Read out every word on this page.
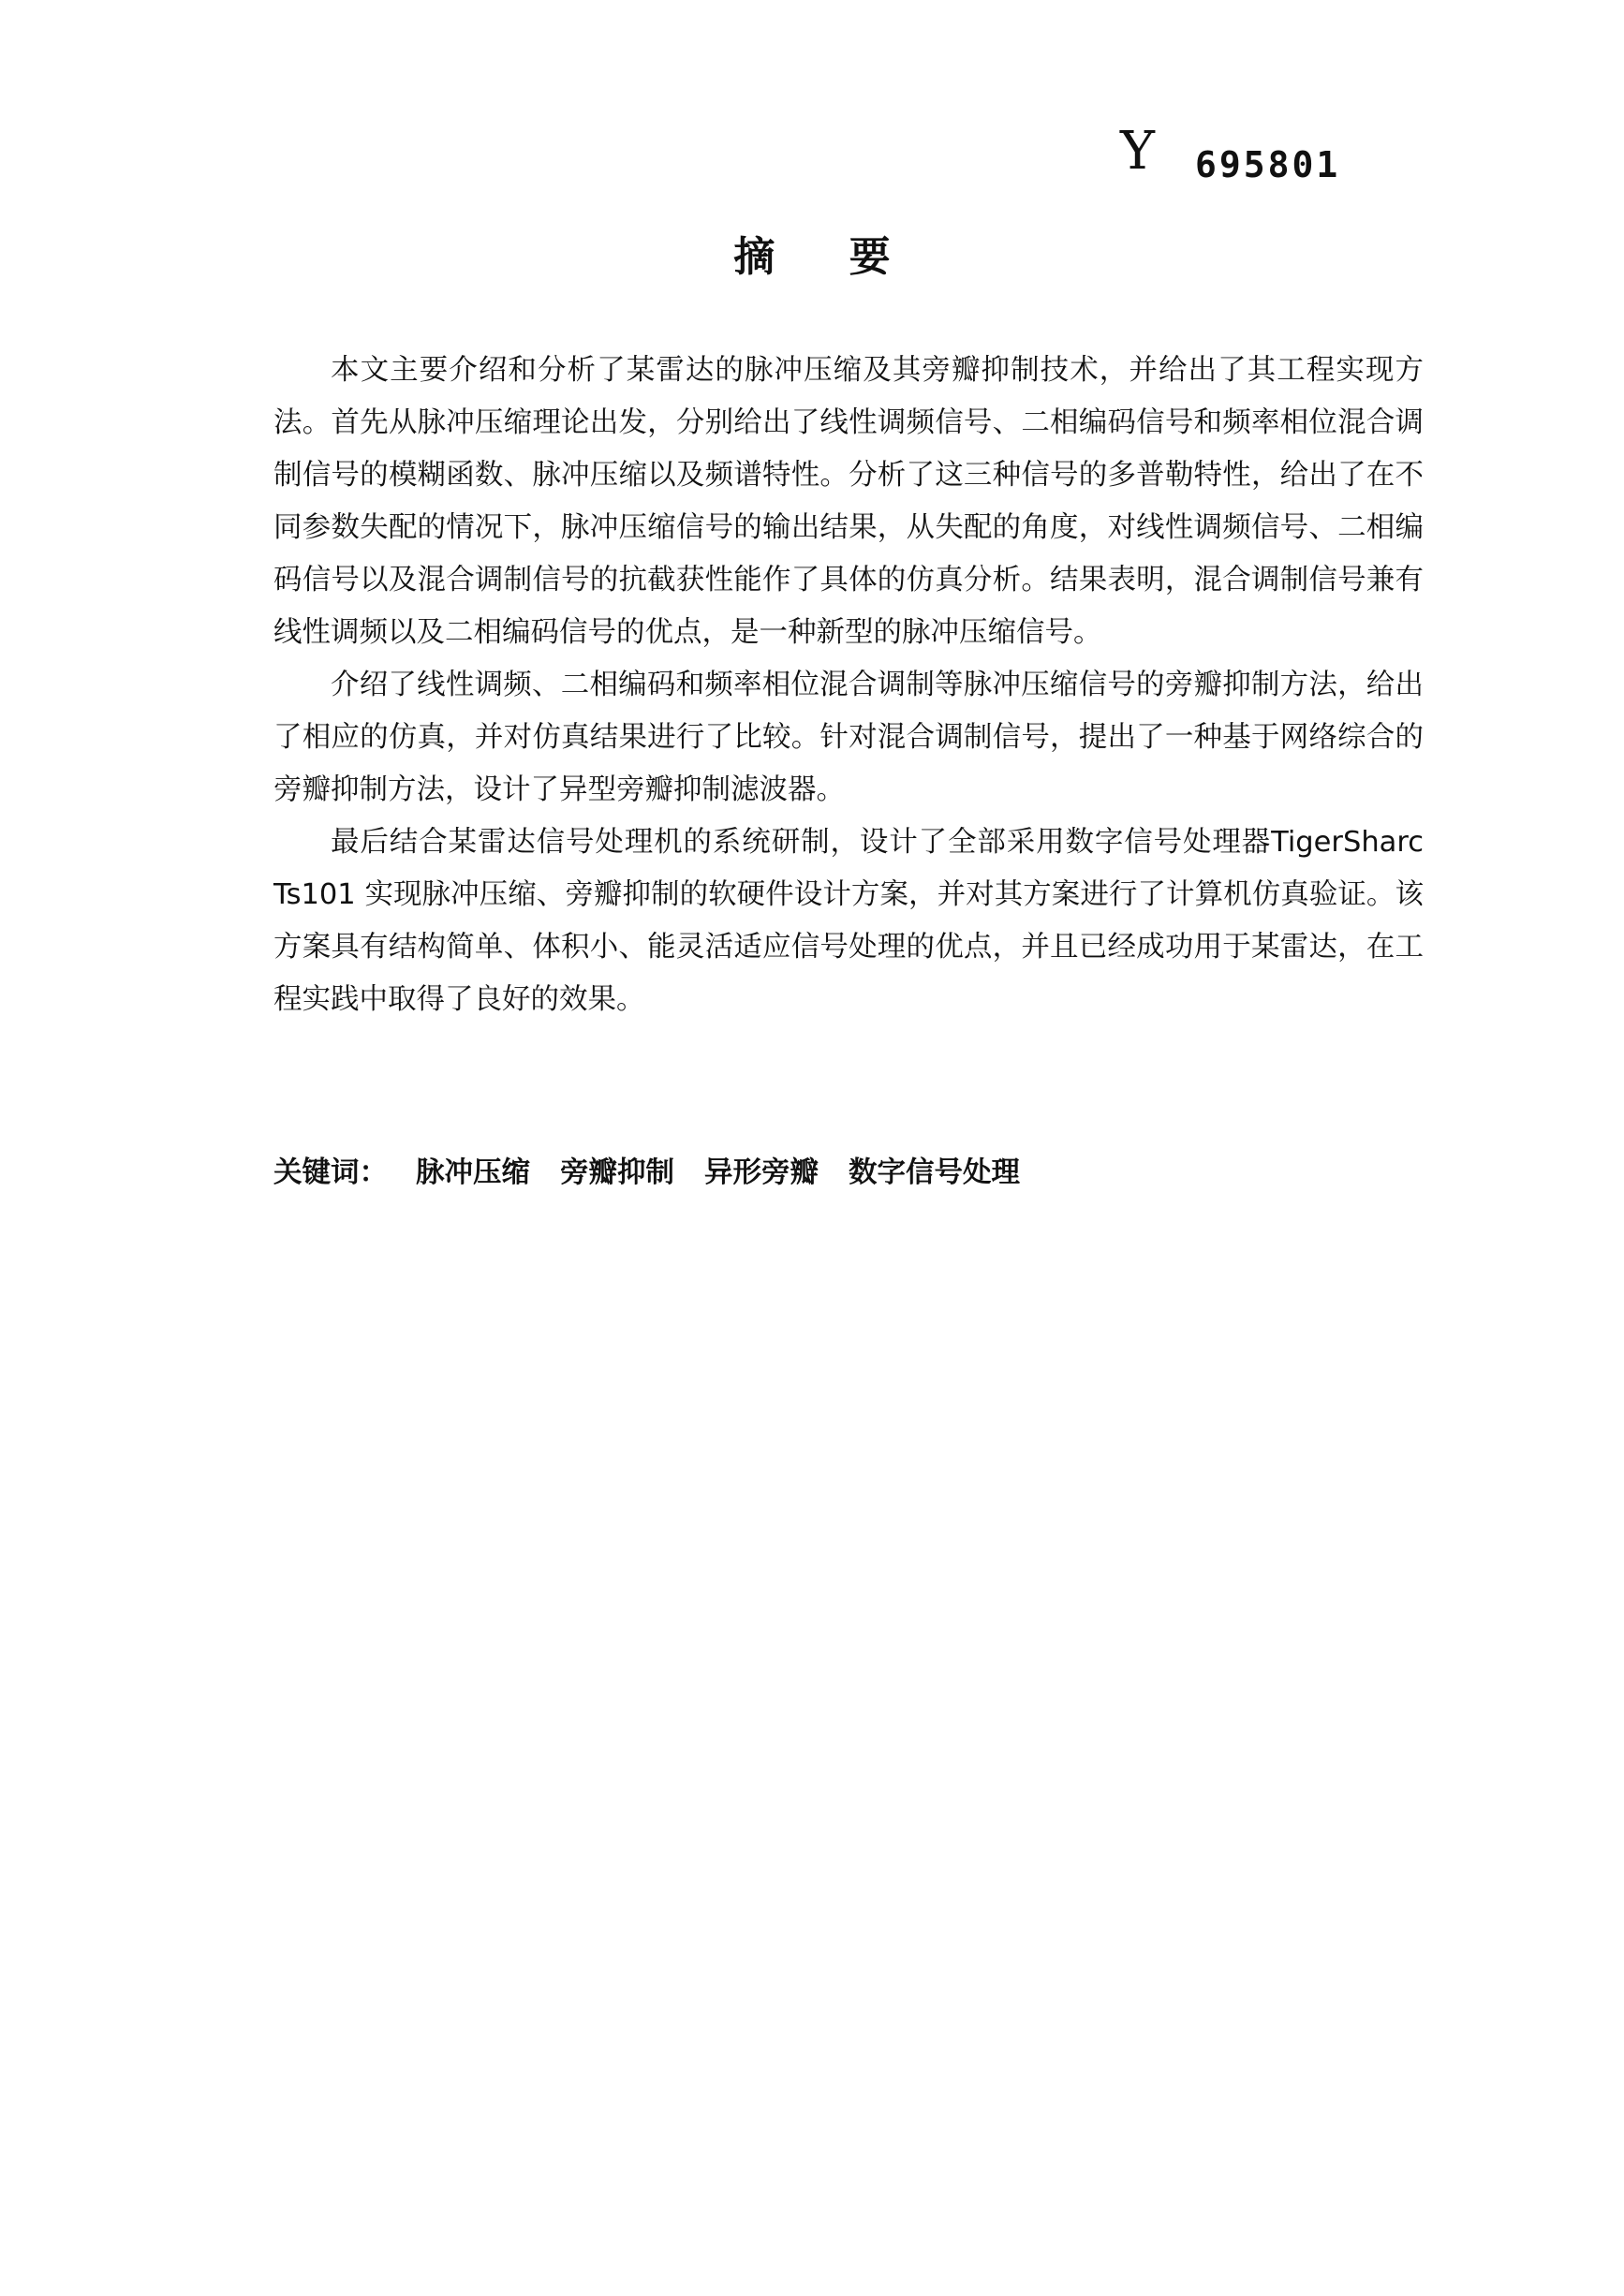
Y 695801
摘 要

本文主要介绍和分析了某雷达的脉冲压缩及其旁瓣抑制技术，并给出了其工程实现方法。首先从脉冲压缩理论出发，分别给出了线性调频信号、二相编码信号和频率相位混合调制信号的模糊函数、脉冲压缩以及频谱特性。分析了这三种信号的多普勒特性，给出了在不同参数失配的情况下，脉冲压缩信号的输出结果，从失配的角度，对线性调频信号、二相编码信号以及混合调制信号的抗截获性能作了具体的仿真分析。结果表明，混合调制信号兼有线性调频以及二相编码信号的优点，是一种新型的脉冲压缩信号。

介绍了线性调频、二相编码和频率相位混合调制等脉冲压缩信号的旁瓣抑制方法，给出了相应的仿真，并对仿真结果进行了比较。针对混合调制信号，提出了一种基于网络综合的旁瓣抑制方法，设计了异型旁瓣抑制滤波器。

最后结合某雷达信号处理机的系统研制，设计了全部采用数字信号处理器TigerSharc Ts101 实现脉冲压缩、旁瓣抑制的软硬件设计方案，并对其方案进行了计算机仿真验证。该方案具有结构简单、体积小、能灵活适应信号处理的优点，并且已经成功用于某雷达，在工程实践中取得了良好的效果。

关键词： 脉冲压缩 旁瓣抑制 异形旁瓣 数字信号处理
